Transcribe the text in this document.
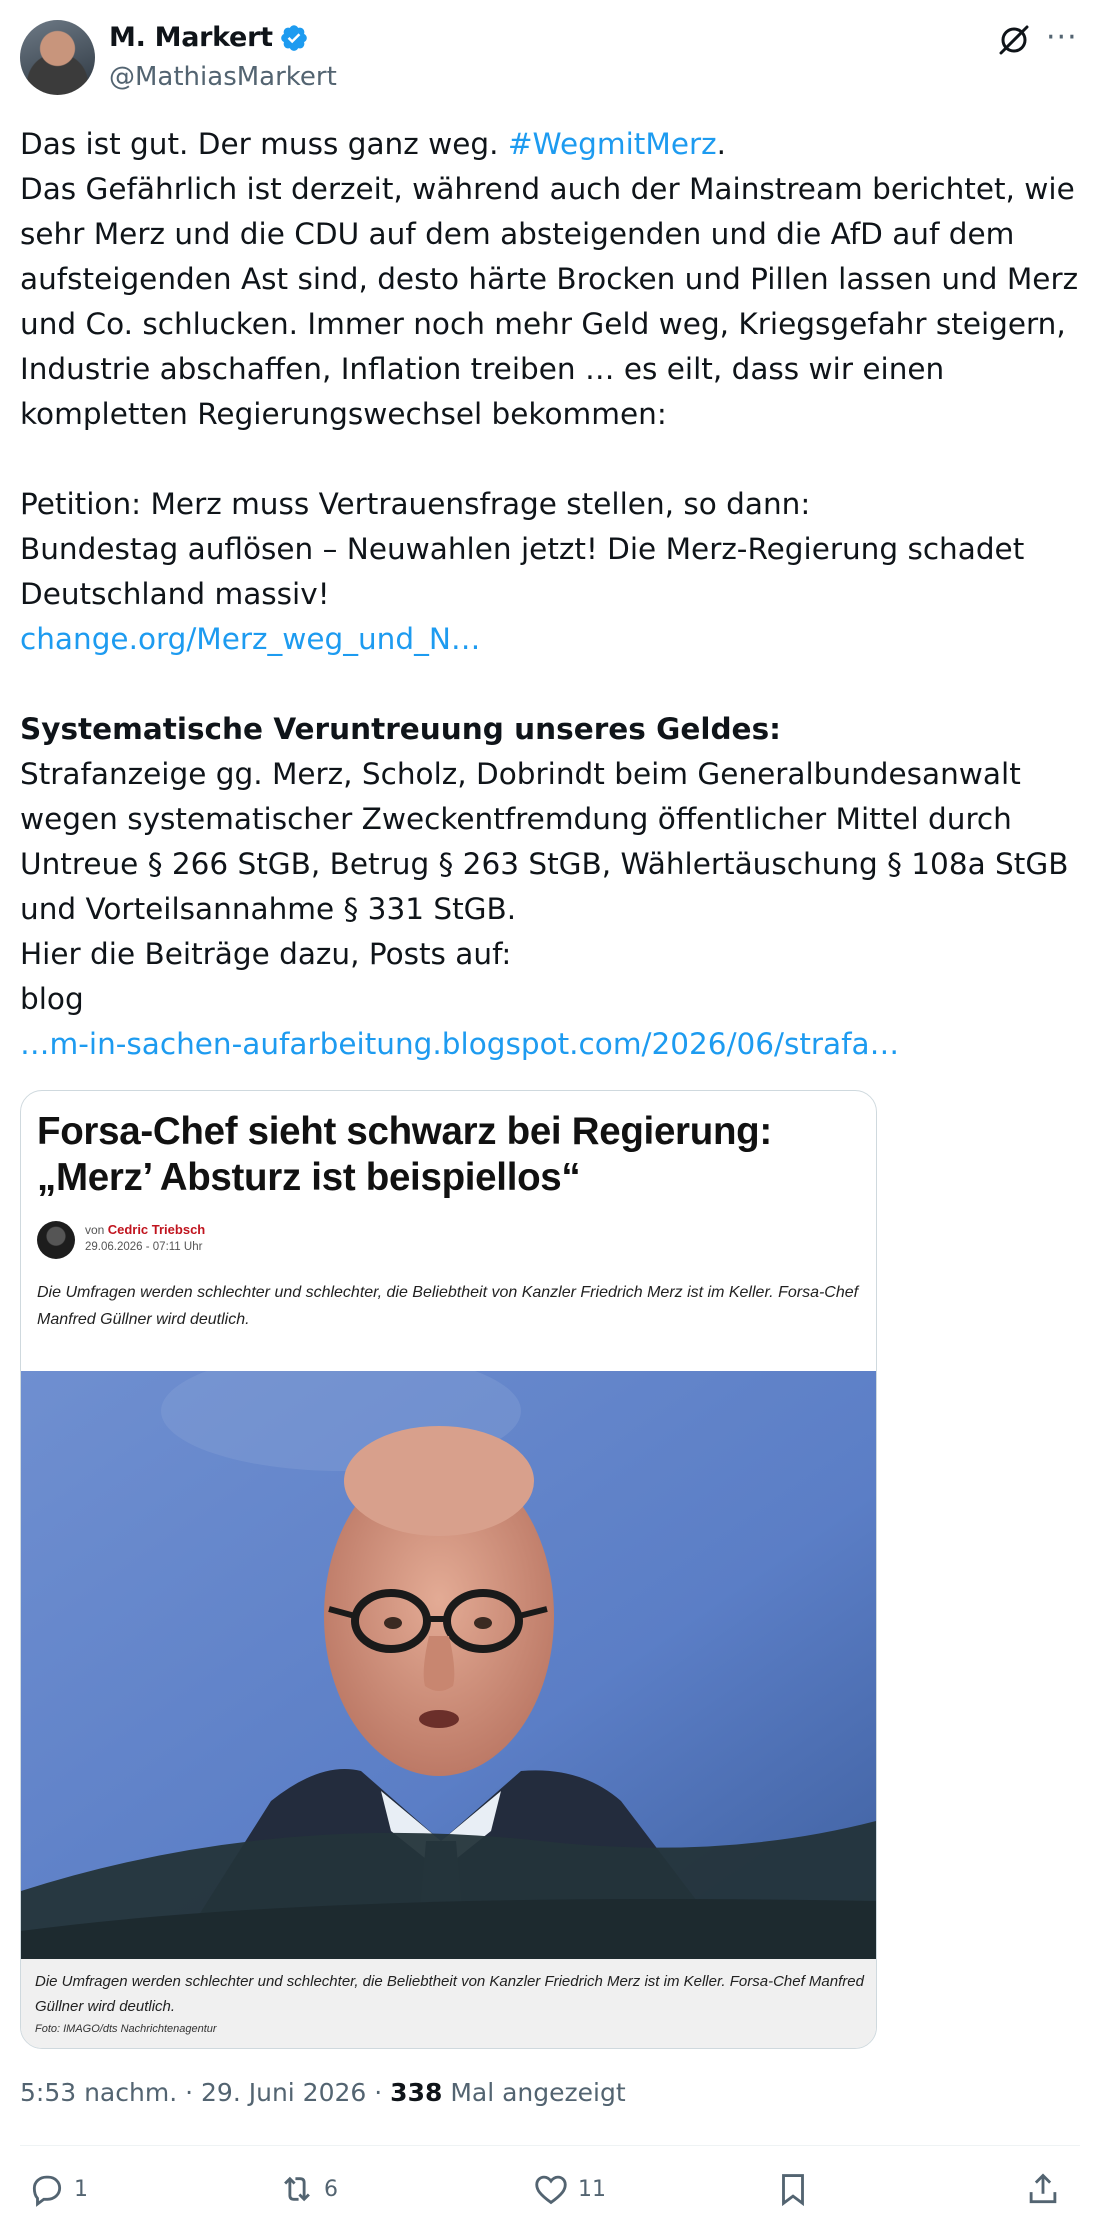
M. Markert
@MathiasMarkert
···

Das ist gut. Der muss ganz weg. #WegmitMerz.

Das Gefährlich ist derzeit, während auch der Mainstream berichtet, wie sehr Merz und die CDU auf dem absteigenden und die AfD auf dem aufsteigenden Ast sind, desto härte Brocken und Pillen lassen und Merz und Co. schlucken. Immer noch mehr Geld weg, Kriegsgefahr steigern, Industrie abschaffen, Inflation treiben … es eilt, dass wir einen kompletten Regierungswechsel bekommen:

Petition: Merz muss Vertrauensfrage stellen, so dann:

Bundestag auflösen – Neuwahlen jetzt! Die Merz-Regierung schadet Deutschland massiv!

change.org/Merz_weg_und_N…

Systematische Veruntreuung unseres Geldes:

Strafanzeige gg. Merz, Scholz, Dobrindt beim Generalbundesanwalt wegen systematischer Zweckentfremdung öffentlicher Mittel durch Untreue § 266 StGB, Betrug § 263 StGB, Wählertäuschung § 108a StGB und Vorteilsannahme § 331 StGB.

Hier die Beiträge dazu, Posts auf:

blog

…m-in-sachen-aufarbeitung.blogspot.com/2026/06/strafa…

Forsa-Chef sieht schwarz bei Regierung:
„Merz’ Absturz ist beispiellos“
von Cedric Triebsch
29.06.2026 - 07:11 Uhr
Die Umfragen werden schlechter und schlechter, die Beliebtheit von Kanzler Friedrich Merz ist im Keller. Forsa-Chef Manfred Güllner wird deutlich.
Die Umfragen werden schlechter und schlechter, die Beliebtheit von Kanzler Friedrich Merz ist im Keller. Forsa-Chef Manfred Güllner wird deutlich.
Foto: IMAGO/dts Nachrichtenagentur
5:53 nachm. · 29. Juni 2026 · 338 Mal angezeigt
1	6	11
